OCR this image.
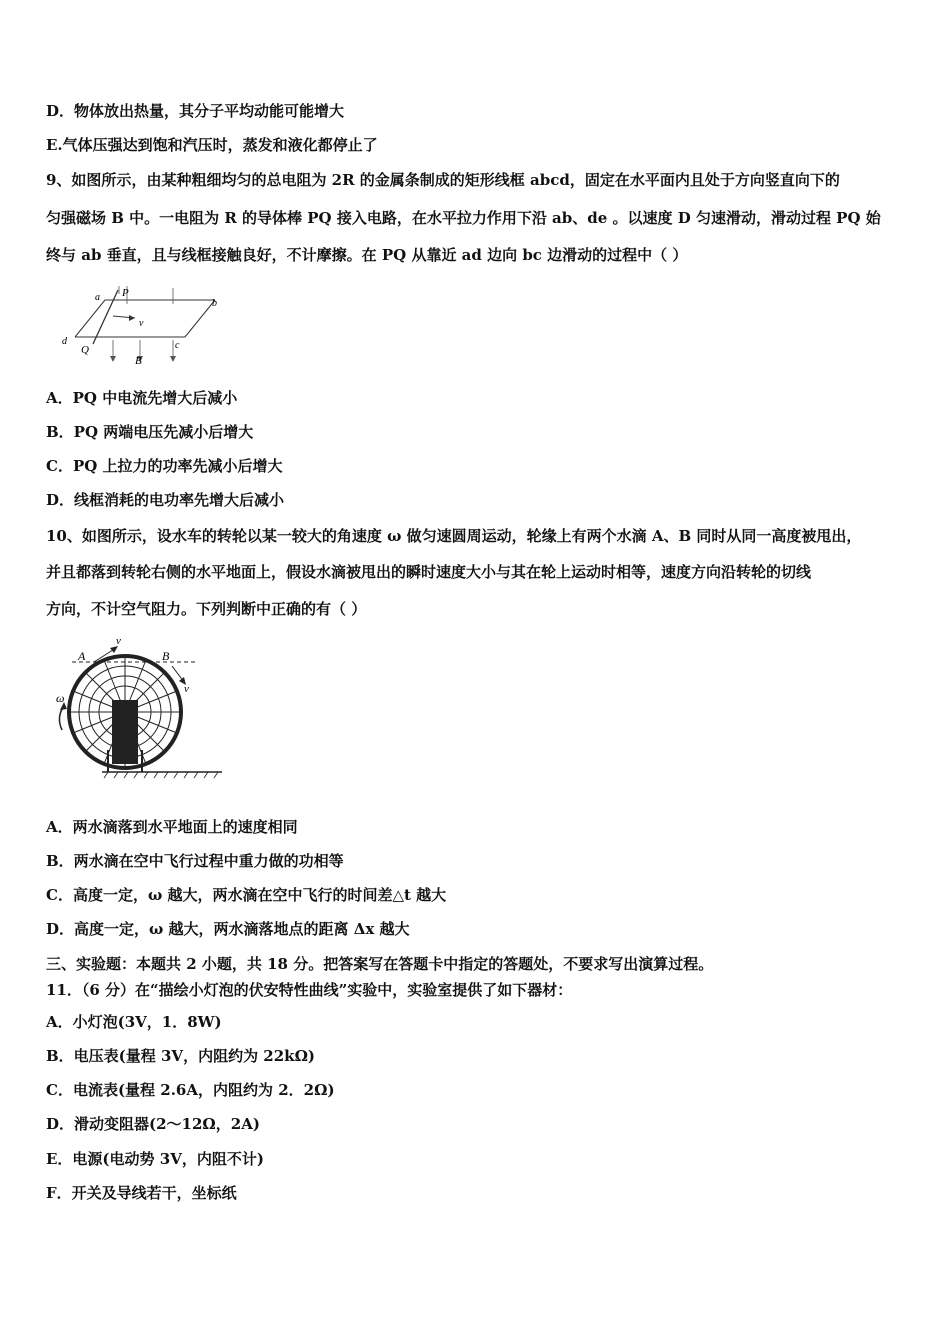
D．物体放出热量，其分子平均动能可能增大
E.气体压强达到饱和汽压时，蒸发和液化都停止了
9、如图所示，由某种粗细均匀的总电阻为 2R 的金属条制成的矩形线框 abcd，固定在水平面内且处于方向竖直向下的
匀强磁场 B 中。一电阻为 R 的导体棒 PQ 接入电路，在水平拉力作用下沿 ab、de 。以速度 D 匀速滑动，滑动过程 PQ 始
终与 ab 垂直，且与线框接触良好，不计摩擦。在 PQ 从靠近 ad 边向 bc 边滑动的过程中（ ）
a P
b
v
d
Q	c
B
A．PQ 中电流先增大后减小
B．PQ 两端电压先减小后增大
C．PQ 上拉力的功率先减小后增大
D．线框消耗的电功率先增大后减小
10、如图所示，设水车的转轮以某一较大的角速度 ω 做匀速圆周运动，轮缘上有两个水滴 A、B 同时从同一高度被甩出，
并且都落到转轮右侧的水平地面上，假设水滴被甩出的瞬时速度大小与其在轮上运动时相等，速度方向沿转轮的切线
方向，不计空气阻力。下列判断中正确的有（ ）
A	B
v
v
ω
A．两水滴落到水平地面上的速度相同
B．两水滴在空中飞行过程中重力做的功相等
C．高度一定，ω 越大，两水滴在空中飞行的时间差△t 越大
D．高度一定，ω 越大，两水滴落地点的距离 Δx 越大
三、实验题：本题共 2 小题，共 18 分。把答案写在答题卡中指定的答题处，不要求写出演算过程。
11．（6 分）在“描绘小灯泡的伏安特性曲线”实验中，实验室提供了如下器材：
A．小灯泡(3V，1．8W)
B．电压表(量程 3V，内阻约为 22kΩ)
C．电流表(量程 2.6A，内阻约为 2．2Ω)
D．滑动变阻器(2～12Ω，2A)
E．电源(电动势 3V，内阻不计)
F．开关及导线若干，坐标纸
